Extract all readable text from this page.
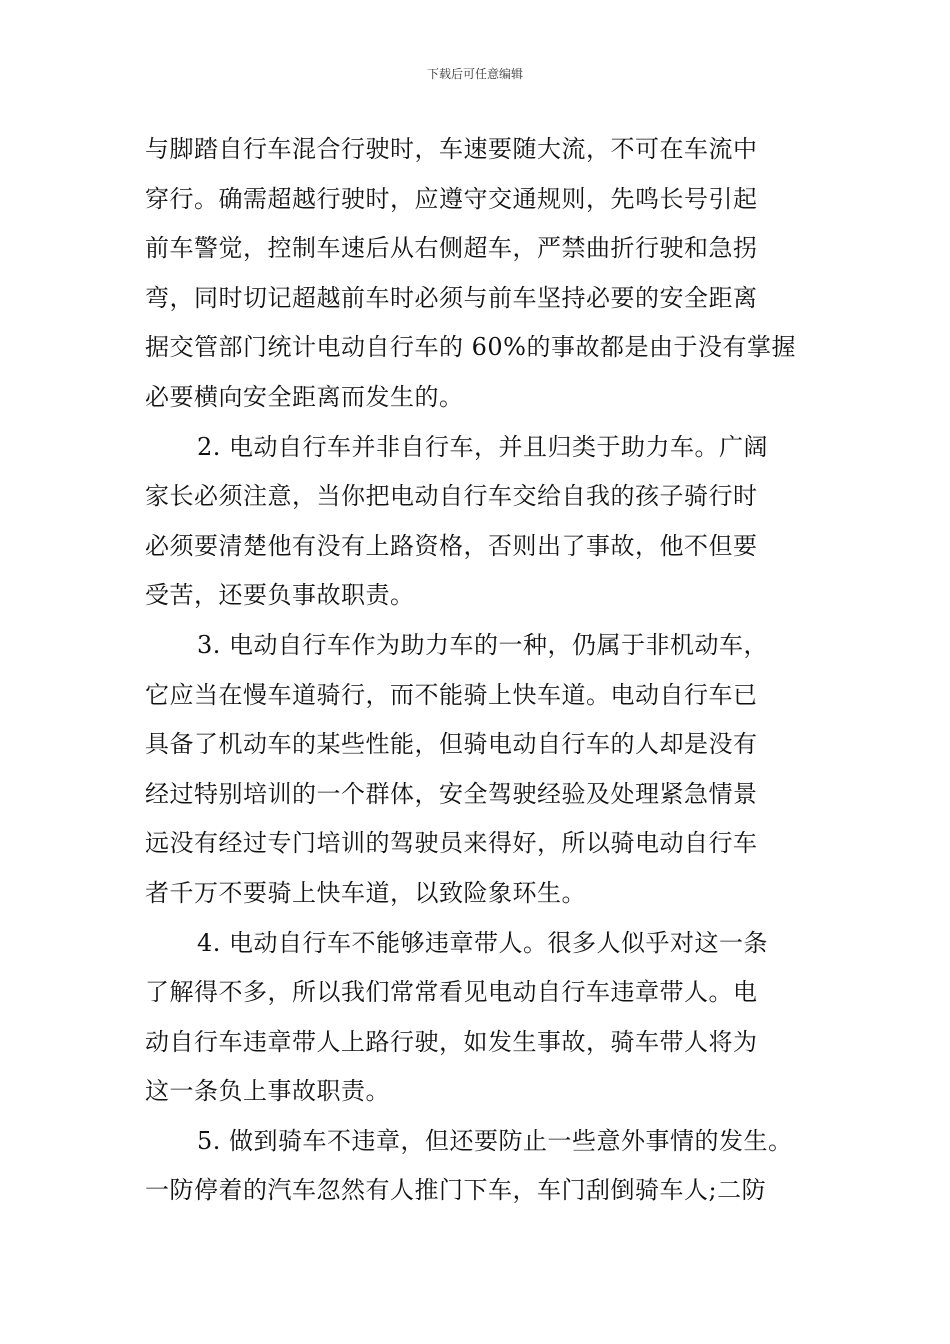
下载后可任意编辑
与脚踏自行车混合行驶时，车速要随大流，不可在车流中
穿行。确需超越行驶时，应遵守交通规则，先鸣长号引起
前车警觉，控制车速后从右侧超车，严禁曲折行驶和急拐
弯，同时切记超越前车时必须与前车坚持必要的安全距离
据交管部门统计电动自行车的 60%的事故都是由于没有掌握
必要横向安全距离而发生的。
2. 电动自行车并非自行车，并且归类于助力车。广阔
家长必须注意，当你把电动自行车交给自我的孩子骑行时
必须要清楚他有没有上路资格，否则出了事故，他不但要
受苦，还要负事故职责。
3. 电动自行车作为助力车的一种，仍属于非机动车，
它应当在慢车道骑行，而不能骑上快车道。电动自行车已
具备了机动车的某些性能，但骑电动自行车的人却是没有
经过特别培训的一个群体，安全驾驶经验及处理紧急情景
远没有经过专门培训的驾驶员来得好，所以骑电动自行车
者千万不要骑上快车道，以致险象环生。
4. 电动自行车不能够违章带人。很多人似乎对这一条
了解得不多，所以我们常常看见电动自行车违章带人。电
动自行车违章带人上路行驶，如发生事故，骑车带人将为
这一条负上事故职责。
5. 做到骑车不违章，但还要防止一些意外事情的发生。
一防停着的汽车忽然有人推门下车，车门刮倒骑车人;二防
